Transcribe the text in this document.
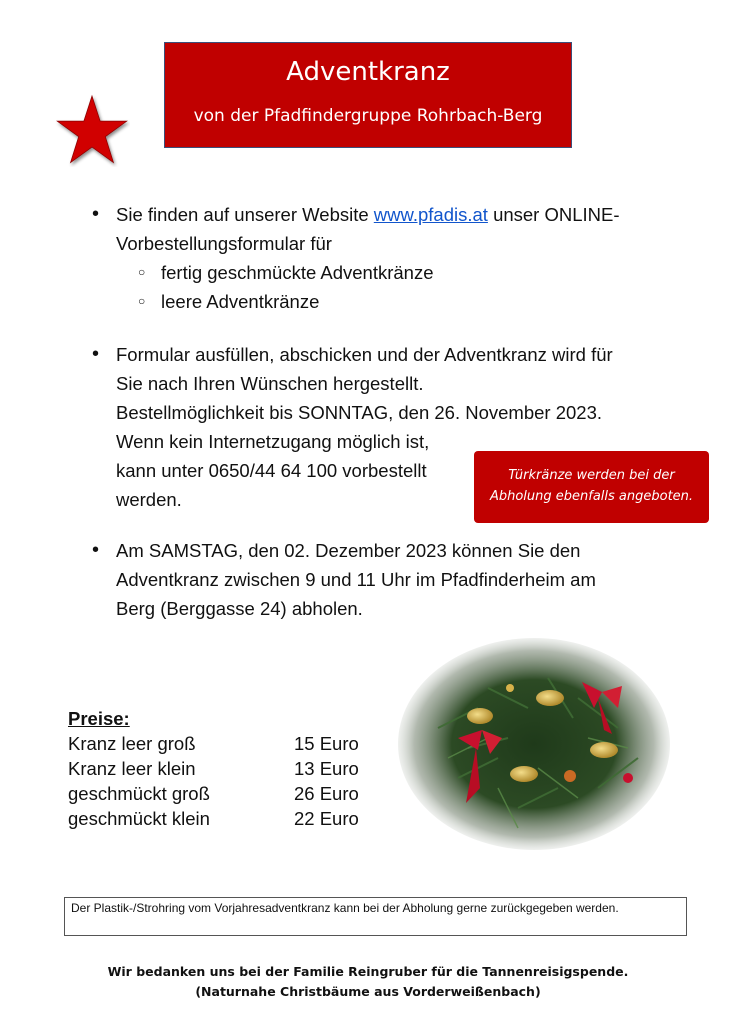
Adventkranz
von der Pfadfindergruppe Rohrbach-Berg
• Sie finden auf unserer Website www.pfadis.at unser ONLINE-
Vorbestellungsformular für
○ fertig geschmückte Adventkränze
○ leere Adventkränze
• Formular ausfüllen, abschicken und der Adventkranz wird für
Sie nach Ihren Wünschen hergestellt.
Bestellmöglichkeit bis SONNTAG, den 26. November 2023.
Wenn kein Internetzugang möglich ist,
kann unter 0650/44 64 100 vorbestellt
werden.
• Am SAMSTAG, den 02. Dezember 2023 können Sie den
Adventkranz zwischen 9 und 11 Uhr im Pfadfinderheim am
Berg (Berggasse 24) abholen.
Türkränze werden bei der
Abholung ebenfalls angeboten.
Preise:
Kranz leer groß	15 Euro
Kranz leer klein	13 Euro
geschmückt groß	26 Euro
geschmückt klein	22 Euro
Der Plastik-/Strohring vom Vorjahresadventkranz kann bei der Abholung gerne zurückgegeben werden.
Wir bedanken uns bei der Familie Reingruber für die Tannenreisigspende.
(Naturnahe Christbäume aus Vorderweißenbach)
